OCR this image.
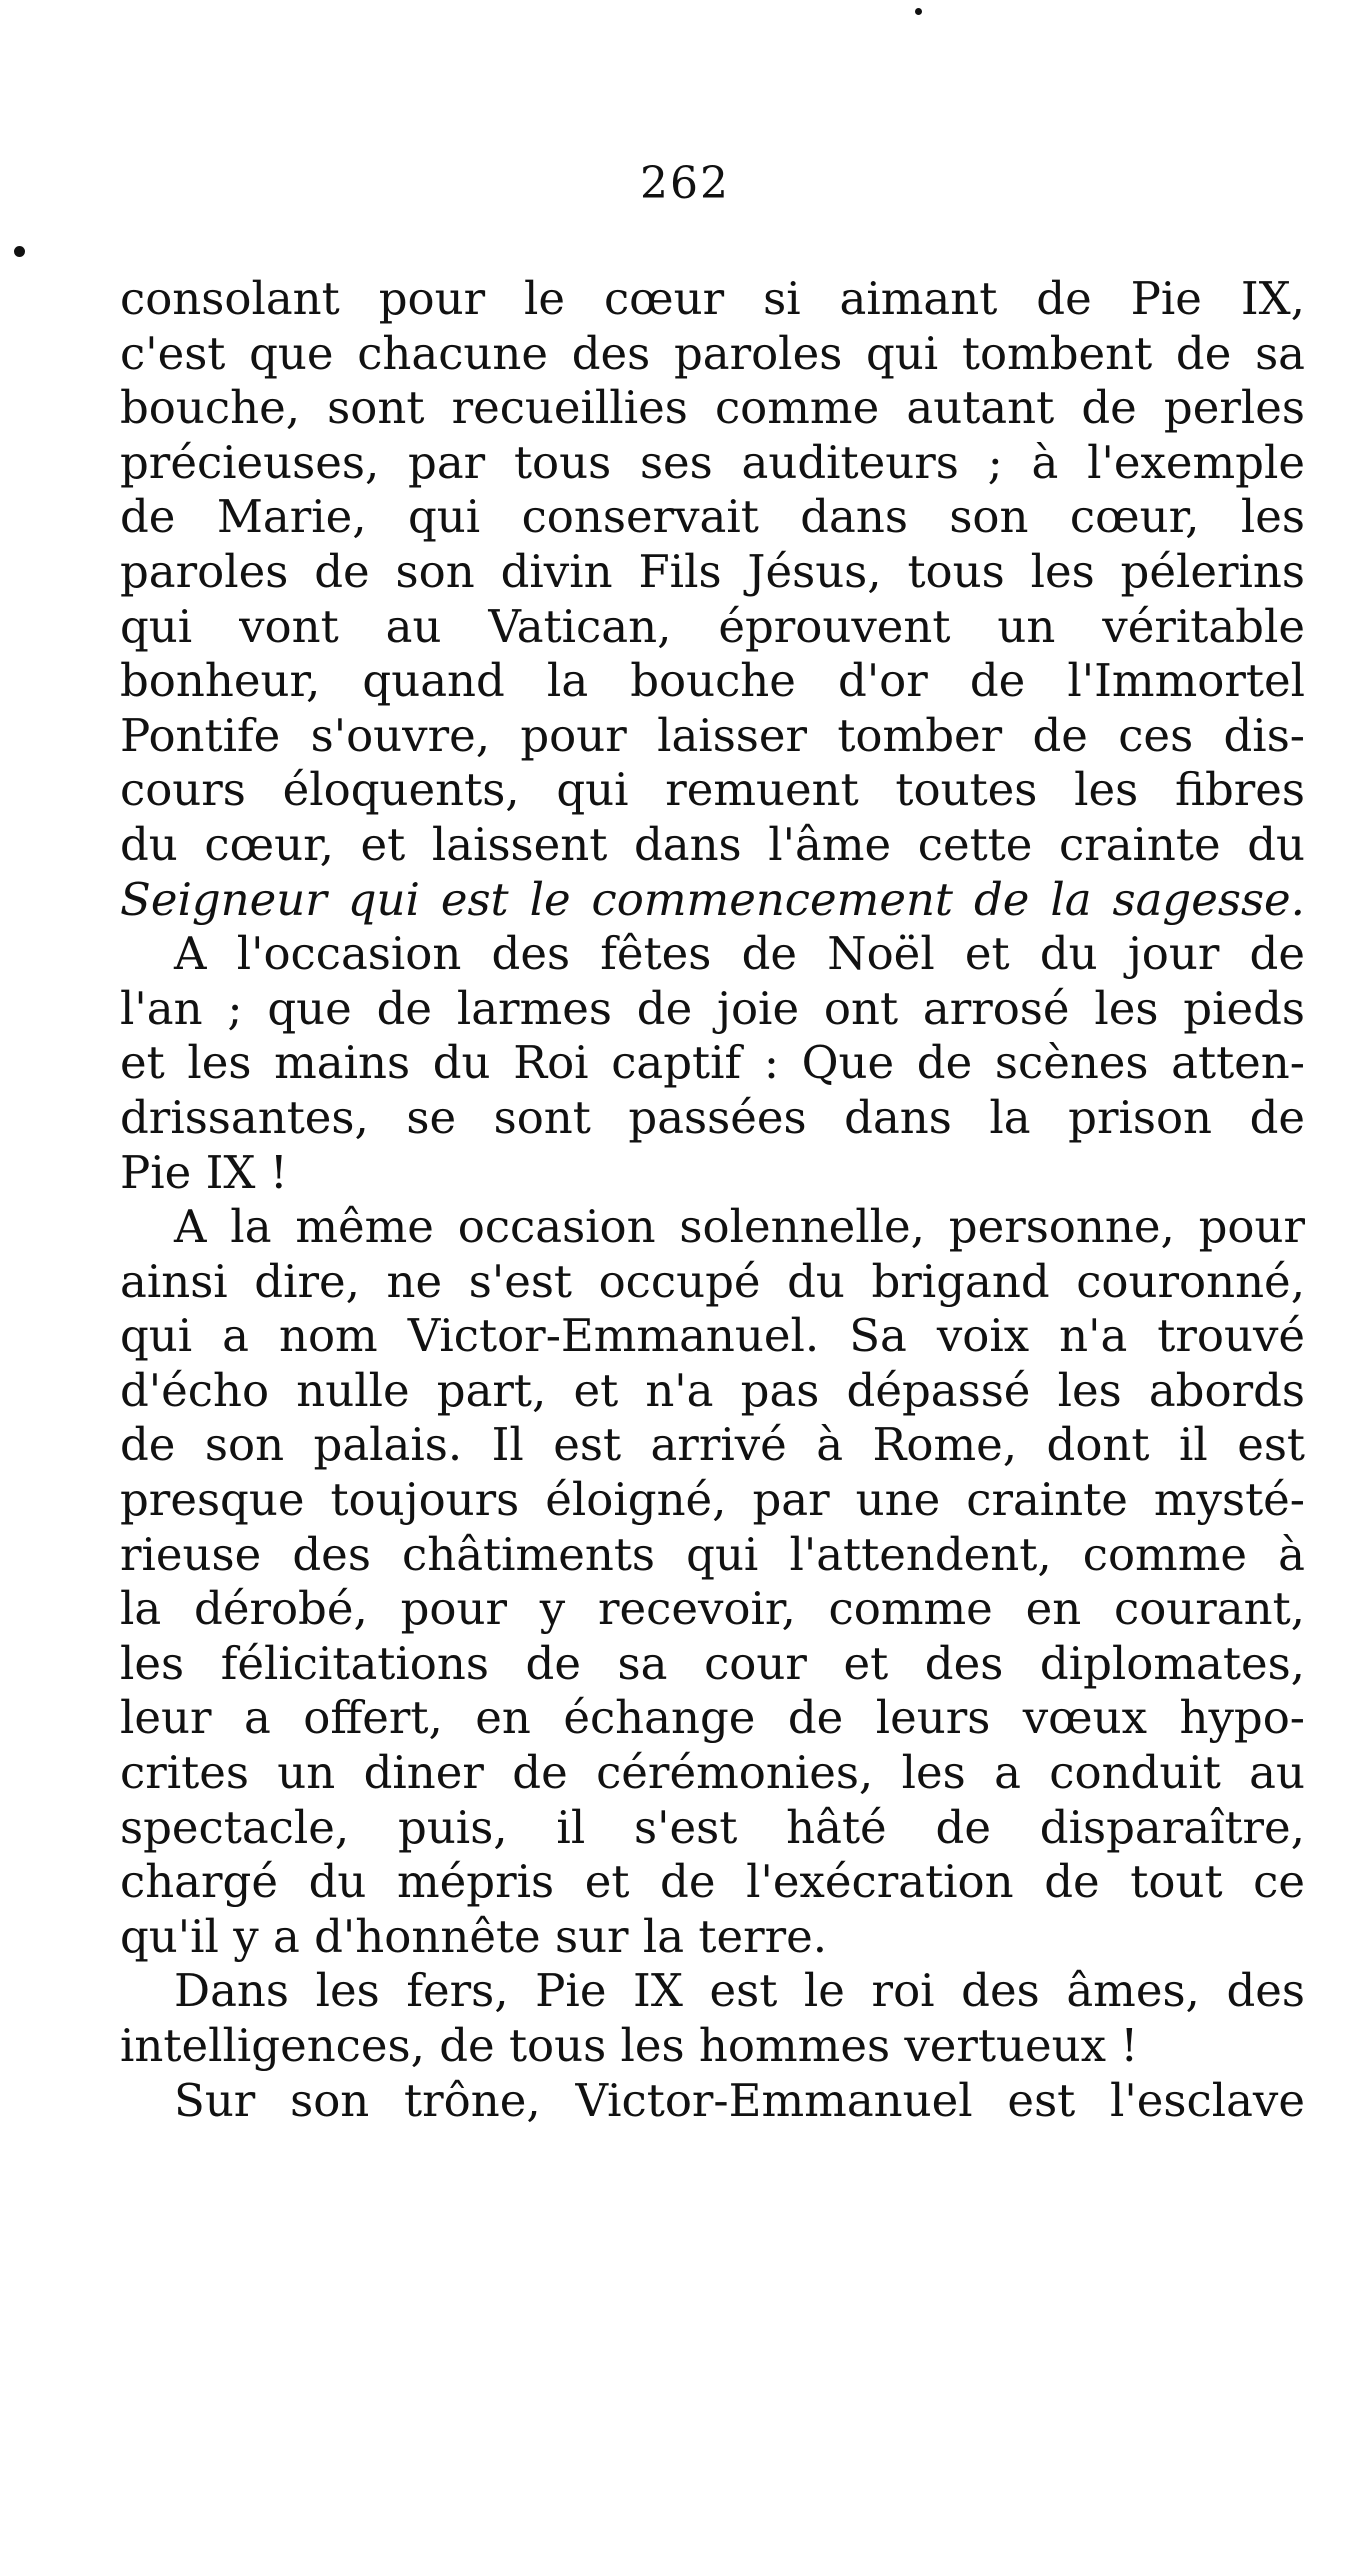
262
consolant pour le cœur si aimant de Pie IX,
c'est que chacune des paroles qui tombent de sa
bouche, sont recueillies comme autant de perles
précieuses, par tous ses auditeurs ; à l'exemple
de Marie, qui conservait dans son cœur, les
paroles de son divin Fils Jésus, tous les pélerins
qui vont au Vatican, éprouvent un véritable
bonheur, quand la bouche d'or de l'Immortel
Pontife s'ouvre, pour laisser tomber de ces dis-
cours éloquents, qui remuent toutes les fibres
du cœur, et laissent dans l'âme cette crainte du
Seigneur qui est le commencement de la sagesse.
A l'occasion des fêtes de Noël et du jour de
l'an ; que de larmes de joie ont arrosé les pieds
et les mains du Roi captif : Que de scènes atten-
drissantes, se sont passées dans la prison de
Pie IX !
A la même occasion solennelle, personne, pour
ainsi dire, ne s'est occupé du brigand couronné,
qui a nom Victor-Emmanuel. Sa voix n'a trouvé
d'écho nulle part, et n'a pas dépassé les abords
de son palais. Il est arrivé à Rome, dont il est
presque toujours éloigné, par une crainte mysté-
rieuse des châtiments qui l'attendent, comme à
la dérobé, pour y recevoir, comme en courant,
les félicitations de sa cour et des diplomates,
leur a offert, en échange de leurs vœux hypo-
crites un diner de cérémonies, les a conduit au
spectacle, puis, il s'est hâté de disparaître,
chargé du mépris et de l'exécration de tout ce
qu'il y a d'honnête sur la terre.
Dans les fers, Pie IX est le roi des âmes, des
intelligences, de tous les hommes vertueux !
Sur son trône, Victor-Emmanuel est l'esclave
